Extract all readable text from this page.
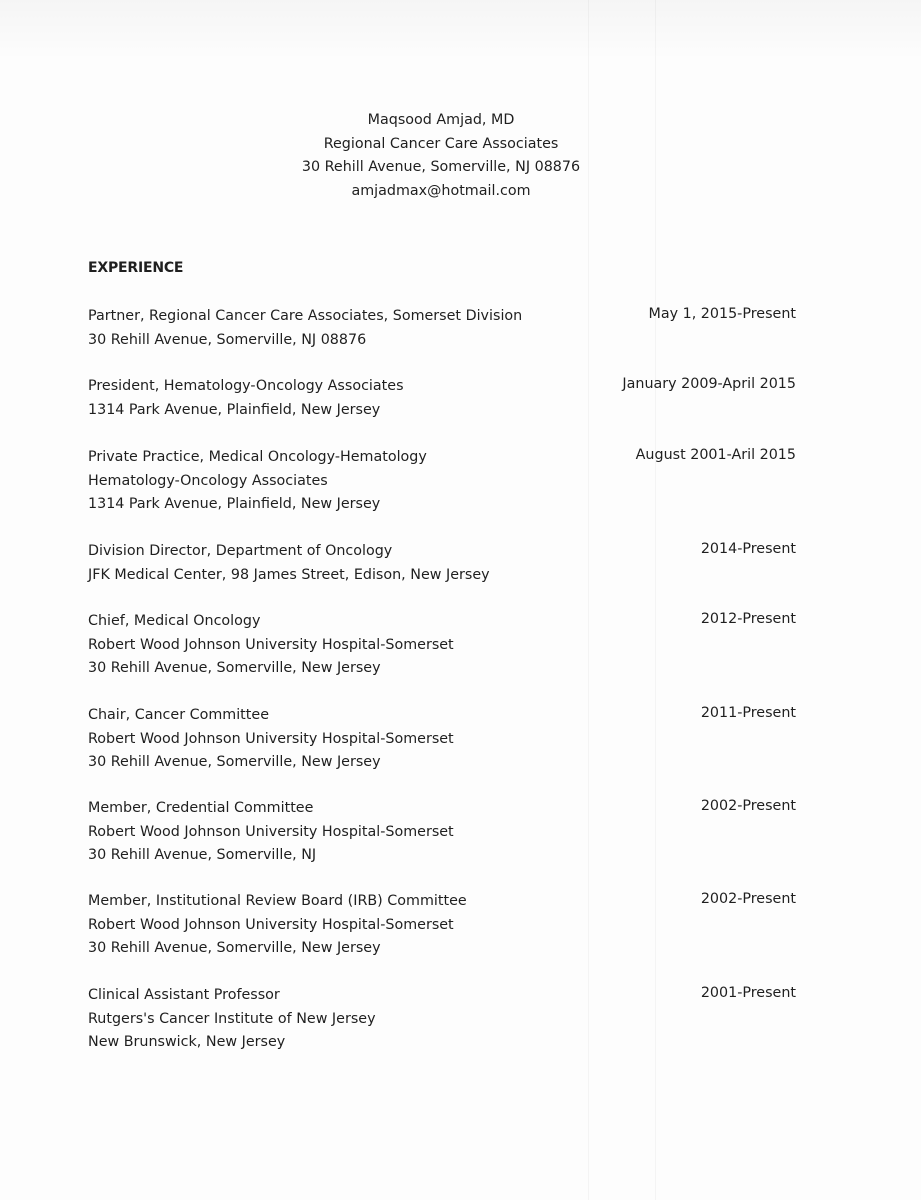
Maqsood Amjad, MD
Regional Cancer Care Associates
30 Rehill Avenue, Somerville, NJ 08876
amjadmax@hotmail.com
EXPERIENCE
Partner, Regional Cancer Care Associates, Somerset Division
30 Rehill Avenue, Somerville, NJ 08876
May 1, 2015-Present
President, Hematology-Oncology Associates
1314 Park Avenue, Plainfield, New Jersey
January 2009-April 2015
Private Practice, Medical Oncology-Hematology
Hematology-Oncology Associates
1314 Park Avenue, Plainfield, New Jersey
August 2001-Aril 2015
Division Director, Department of Oncology
JFK Medical Center, 98 James Street, Edison, New Jersey
2014-Present
Chief, Medical Oncology
Robert Wood Johnson University Hospital-Somerset
30 Rehill Avenue, Somerville, New Jersey
2012-Present
Chair, Cancer Committee
Robert Wood Johnson University Hospital-Somerset
30 Rehill Avenue, Somerville, New Jersey
2011-Present
Member, Credential Committee
Robert Wood Johnson University Hospital-Somerset
30 Rehill Avenue, Somerville, NJ
2002-Present
Member, Institutional Review Board (IRB) Committee
Robert Wood Johnson University Hospital-Somerset
30 Rehill Avenue, Somerville, New Jersey
2002-Present
Clinical Assistant Professor
Rutgers's Cancer Institute of New Jersey
New Brunswick, New Jersey
2001-Present
